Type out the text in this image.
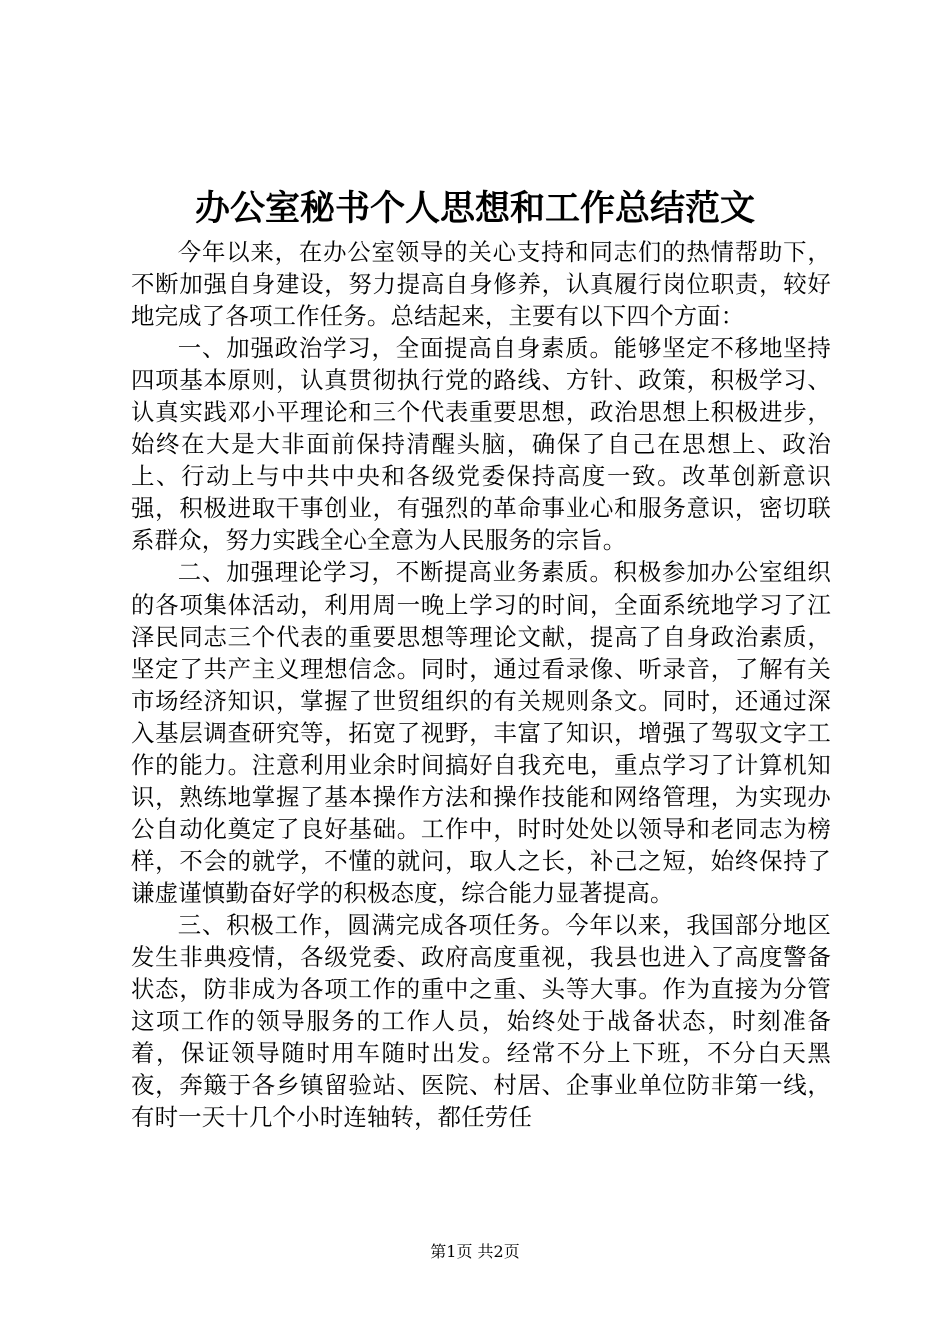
办公室秘书个人思想和工作总结范文

今年以来，在办公室领导的关心支持和同志们的热情帮助下，不断加强自身建设，努力提高自身修养，认真履行岗位职责，较好地完成了各项工作任务。总结起来，主要有以下四个方面：

一、加强政治学习，全面提高自身素质。能够坚定不移地坚持四项基本原则，认真贯彻执行党的路线、方针、政策，积极学习、认真实践邓小平理论和三个代表重要思想，政治思想上积极进步，始终在大是大非面前保持清醒头脑，确保了自己在思想上、政治上、行动上与中共中央和各级党委保持高度一致。改革创新意识强，积极进取干事创业，有强烈的革命事业心和服务意识，密切联系群众，努力实践全心全意为人民服务的宗旨。

二、加强理论学习，不断提高业务素质。积极参加办公室组织的各项集体活动，利用周一晚上学习的时间，全面系统地学习了江泽民同志三个代表的重要思想等理论文献，提高了自身政治素质，坚定了共产主义理想信念。同时，通过看录像、听录音，了解有关市场经济知识，掌握了世贸组织的有关规则条文。同时，还通过深入基层调查研究等，拓宽了视野，丰富了知识，增强了驾驭文字工作的能力。注意利用业余时间搞好自我充电，重点学习了计算机知识，熟练地掌握了基本操作方法和操作技能和网络管理，为实现办公自动化奠定了良好基础。工作中，时时处处以领导和老同志为榜样，不会的就学，不懂的就问，取人之长，补己之短，始终保持了谦虚谨慎勤奋好学的积极态度，综合能力显著提高。

三、积极工作，圆满完成各项任务。今年以来，我国部分地区发生非典疫情，各级党委、政府高度重视，我县也进入了高度警备状态，防非成为各项工作的重中之重、头等大事。作为直接为分管这项工作的领导服务的工作人员，始终处于战备状态，时刻准备着，保证领导随时用车随时出发。经常不分上下班，不分白天黑夜，奔簸于各乡镇留验站、医院、村居、企事业单位防非第一线，有时一天十几个小时连轴转，都任劳任

第1页 共2页
